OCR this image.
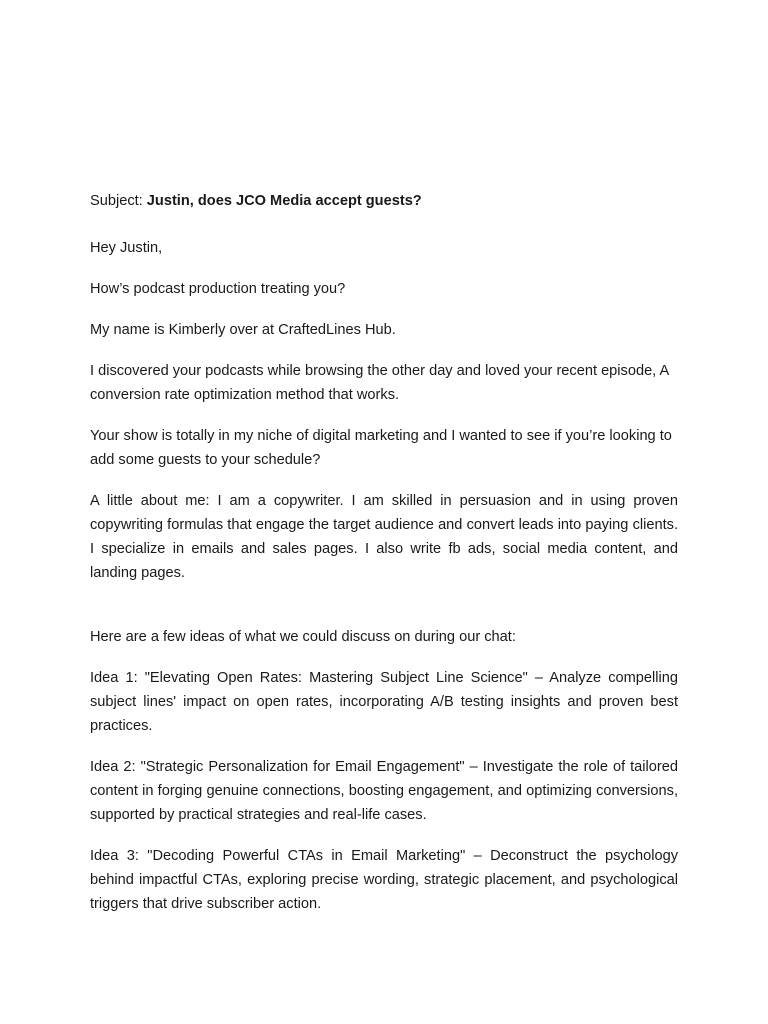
Subject: Justin, does JCO Media accept guests?

Hey Justin,

How’s podcast production treating you?

My name is Kimberly over at CraftedLines Hub.

I discovered your podcasts while browsing the other day and loved your recent episode, A conversion rate optimization method that works.

Your show is totally in my niche of digital marketing and I wanted to see if you’re looking to add some guests to your schedule?

A little about me: I am a copywriter. I am skilled in persuasion and in using proven copywriting formulas that engage the target audience and convert leads into paying clients. I specialize in emails and sales pages. I also write fb ads, social media content, and landing pages.

Here are a few ideas of what we could discuss on during our chat:

Idea 1: "Elevating Open Rates: Mastering Subject Line Science" – Analyze compelling subject lines' impact on open rates, incorporating A/B testing insights and proven best practices.

Idea 2: "Strategic Personalization for Email Engagement" – Investigate the role of tailored content in forging genuine connections, boosting engagement, and optimizing conversions, supported by practical strategies and real-life cases.

Idea 3: "Decoding Powerful CTAs in Email Marketing" – Deconstruct the psychology behind impactful CTAs, exploring precise wording, strategic placement, and psychological triggers that drive subscriber action.
